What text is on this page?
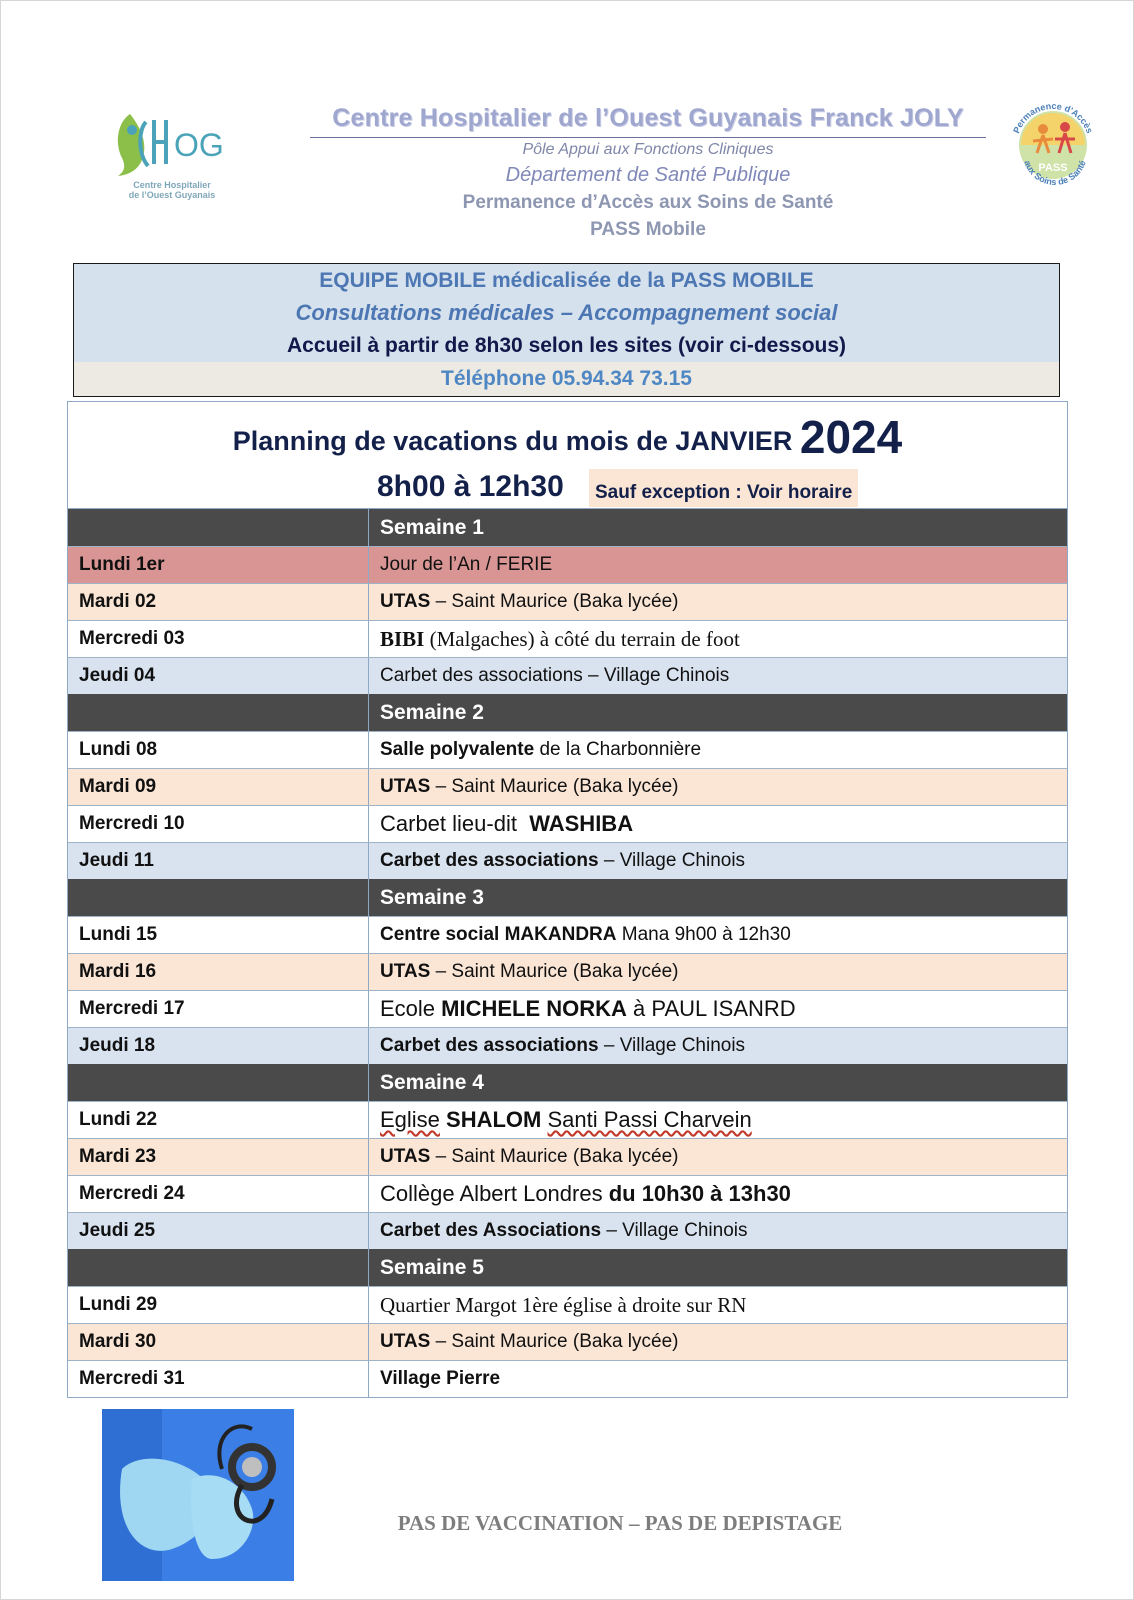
OG
Centre Hospitalier
de l’Ouest Guyanais
PASS
Permanence d'Accès
aux Soins de Santé
Centre Hospitalier de l’Ouest Guyanais Franck JOLY
Pôle Appui aux Fonctions Cliniques
Département de Santé Publique
Permanence d’Accès aux Soins de Santé
PASS Mobile
EQUIPE MOBILE médicalisée de la PASS MOBILE
Consultations médicales – Accompagnement social
Accueil à partir de 8h30 selon les sites (voir ci-dessous)
Téléphone 05.94.34 73.15
Planning de vacations du mois de JANVIER 2024
8h00 à 12h30	Sauf exception : Voir horaire
Semaine 1
Lundi 1er	Jour de l’An / FERIE
Mardi 02	UTAS – Saint Maurice (Baka lycée)
Mercredi 03	BIBI (Malgaches) à côté du terrain de foot
Jeudi 04	Carbet des associations – Village Chinois
Semaine 2
Lundi 08	Salle polyvalente de la Charbonnière
Mardi 09	UTAS – Saint Maurice (Baka lycée)
Mercredi 10	Carbet lieu-dit WASHIBA
Jeudi 11	Carbet des associations – Village Chinois
Semaine 3
Lundi 15	Centre social MAKANDRA Mana 9h00 à 12h30
Mardi 16	UTAS – Saint Maurice (Baka lycée)
Mercredi 17	Ecole MICHELE NORKA à PAUL ISANRD
Jeudi 18	Carbet des associations – Village Chinois
Semaine 4
Lundi 22	Eglise
SHALOM
Santi Passi Charvein
Mardi 23	UTAS – Saint Maurice (Baka lycée)
Mercredi 24	Collège Albert Londres du 10h30 à 13h30
Jeudi 25	Carbet des Associations – Village Chinois
Semaine 5
Lundi 29	Quartier Margot 1ère église à droite sur RN
Mardi 30	UTAS – Saint Maurice (Baka lycée)
Mercredi 31	Village Pierre
PAS DE VACCINATION – PAS DE DEPISTAGE
